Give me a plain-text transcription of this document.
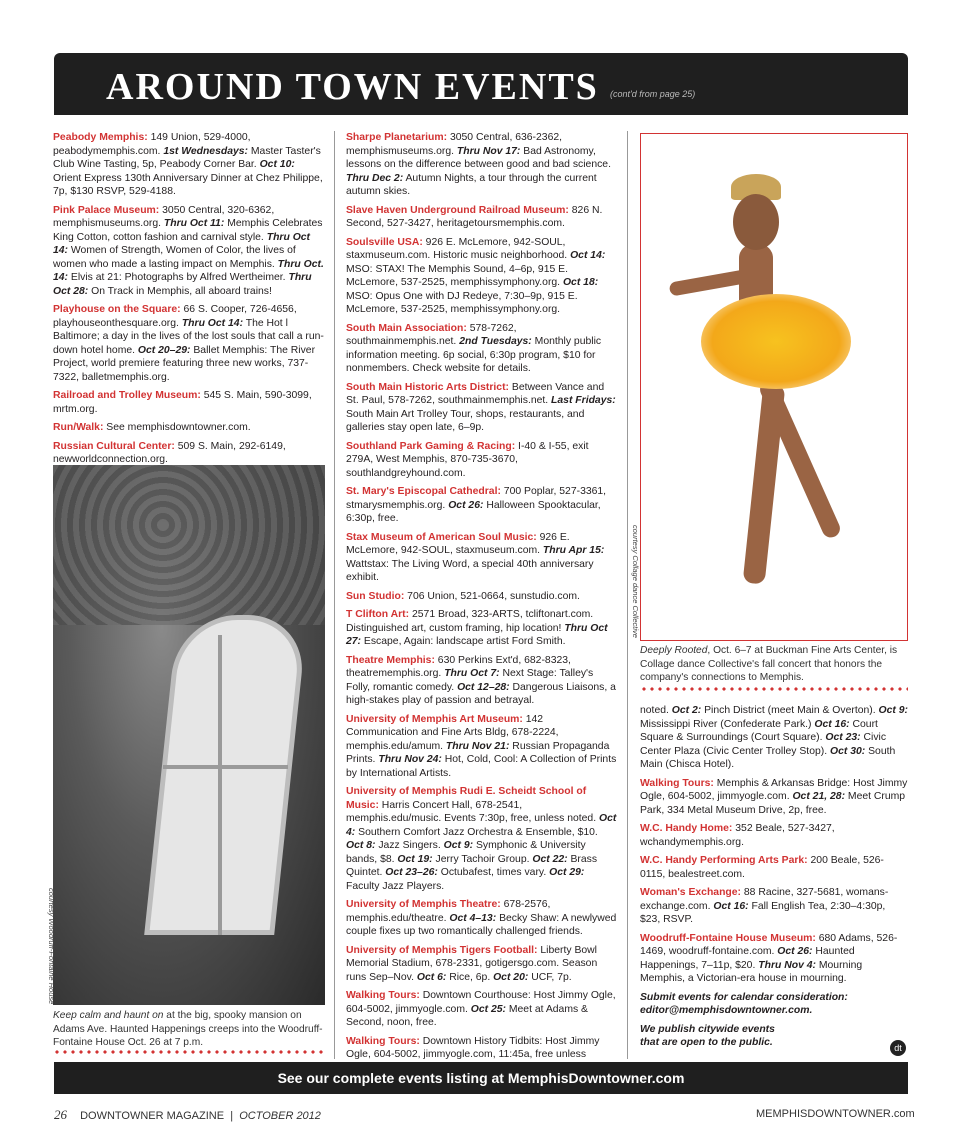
AROUND TOWN EVENTS (cont'd from page 25)
Peabody Memphis: 149 Union, 529-4000, peabodymemphis.com. 1st Wednesdays: Master Taster's Club Wine Tasting, 5p, Peabody Corner Bar. Oct 10: Orient Express 130th Anniversary Dinner at Chez Philippe, 7p, $130 RSVP, 529-4188.
Pink Palace Museum: 3050 Central, 320-6362, memphismuseums.org. Thru Oct 11: Memphis Celebrates King Cotton, cotton fashion and carnival style. Thru Oct 14: Women of Strength, Women of Color, the lives of women who made a lasting impact on Memphis. Thru Oct. 14: Elvis at 21: Photographs by Alfred Wertheimer. Thru Oct 28: On Track in Memphis, all aboard trains!
Playhouse on the Square: 66 S. Cooper, 726-4656, playhouseonthesquare.org. Thru Oct 14: The Hot l Baltimore; a day in the lives of the lost souls that call a run-down hotel home. Oct 20–29: Ballet Memphis: The River Project, world premiere featuring three new works, 737-7322, balletmemphis.org.
Railroad and Trolley Museum: 545 S. Main, 590-3099, mrtm.org.
Run/Walk: See memphisdowntowner.com.
Russian Cultural Center: 509 S. Main, 292-6149, newworldconnection.org.
Sharpe Planetarium: 3050 Central, 636-2362, memphismuseums.org. Thru Nov 17: Bad Astronomy, lessons on the difference between good and bad science. Thru Dec 2: Autumn Nights, a tour through the current autumn skies.
Slave Haven Underground Railroad Museum: 826 N. Second, 527-3427, heritagetoursmemphis.com.
Soulsville USA: 926 E. McLemore, 942-SOUL, staxmuseum.com. Historic music neighborhood. Oct 14: MSO: STAX! The Memphis Sound, 4–6p, 915 E. McLemore, 537-2525, memphissymphony.org. Oct 18: MSO: Opus One with DJ Redeye, 7:30–9p, 915 E. McLemore, 537-2525, memphissymphony.org.
South Main Association: 578-7262, southmainmemphis.net. 2nd Tuesdays: Monthly public information meeting. 6p social, 6:30p program, $10 for nonmembers. Check website for details.
South Main Historic Arts District: Between Vance and St. Paul, 578-7262, southmainmemphis.net. Last Fridays: South Main Art Trolley Tour, shops, restaurants, and galleries stay open late, 6–9p.
Southland Park Gaming & Racing: I-40 & I-55, exit 279A, West Memphis, 870-735-3670, southlandgreyhound.com.
St. Mary's Episcopal Cathedral: 700 Poplar, 527-3361, stmarysmemphis.org. Oct 26: Halloween Spooktacular, 6:30p, free.
Stax Museum of American Soul Music: 926 E. McLemore, 942-SOUL, staxmuseum.com. Thru Apr 15: Wattstax: The Living Word, a special 40th anniversary exhibit.
Sun Studio: 706 Union, 521-0664, sunstudio.com.
T Clifton Art: 2571 Broad, 323-ARTS, tcliftonart.com. Distinguished art, custom framing, hip location! Thru Oct 27: Escape, Again: landscape artist Ford Smith.
Theatre Memphis: 630 Perkins Ext'd, 682-8323, theatrememphis.org. Thru Oct 7: Next Stage: Talley's Folly, romantic comedy. Oct 12–28: Dangerous Liaisons, a high-stakes play of passion and betrayal.
University of Memphis Art Museum: 142 Communication and Fine Arts Bldg, 678-2224, memphis.edu/amum. Thru Nov 21: Russian Propaganda Prints. Thru Nov 24: Hot, Cold, Cool: A Collection of Prints by International Artists.
University of Memphis Rudi E. Scheidt School of Music: Harris Concert Hall, 678-2541, memphis.edu/music. Events 7:30p, free, unless noted. Oct 4: Southern Comfort Jazz Orchestra & Ensemble, $10. Oct 8: Jazz Singers. Oct 9: Symphonic & University bands, $8. Oct 19: Jerry Tachoir Group. Oct 22: Brass Quintet. Oct 23–26: Octubafest, times vary. Oct 29: Faculty Jazz Players.
University of Memphis Theatre: 678-2576, memphis.edu/theatre. Oct 4–13: Becky Shaw: A newlywed couple fixes up two romantically challenged friends.
University of Memphis Tigers Football: Liberty Bowl Memorial Stadium, 678-2331, gotigersgo.com. Season runs Sep–Nov. Oct 6: Rice, 6p. Oct 20: UCF, 7p.
Walking Tours: Downtown Courthouse: Host Jimmy Ogle, 604-5002, jimmyogle.com. Oct 25: Meet at Adams & Second, noon, free.
Walking Tours: Downtown History Tidbits: Host Jimmy Ogle, 604-5002, jimmyogle.com, 11:45a, free unless
noted. Oct 2: Pinch District (meet Main & Overton). Oct 9: Mississippi River (Confederate Park.) Oct 16: Court Square & Surroundings (Court Square). Oct 23: Civic Center Plaza (Civic Center Trolley Stop). Oct 30: South Main (Chisca Hotel).
Walking Tours: Memphis & Arkansas Bridge: Host Jimmy Ogle, 604-5002, jimmyogle.com. Oct 21, 28: Meet Crump Park, 334 Metal Museum Drive, 2p, free.
W.C. Handy Home: 352 Beale, 527-3427, wchandymemphis.org.
W.C. Handy Performing Arts Park: 200 Beale, 526-0115, bealestreet.com.
Woman's Exchange: 88 Racine, 327-5681, womans-exchange.com. Oct 16: Fall English Tea, 2:30–4:30p, $23, RSVP.
Woodruff-Fontaine House Museum: 680 Adams, 526-1469, woodruff-fontaine.com. Oct 26: Haunted Happenings, 7–11p, $20. Thru Nov 4: Mourning Memphis, a Victorian-era house in mourning.
Submit events for calendar consideration:
editor@memphisdowntowner.com.
We publish citywide events
that are open to the public.
courtesy Woodruff-Fontaine House
Keep calm and haunt on at the big, spooky mansion on Adams Ave. Haunted Happenings creeps into the Woodruff-Fontaine House Oct. 26 at 7 p.m.
courtesy Collage dance Collective
Deeply Rooted, Oct. 6–7 at Buckman Fine Arts Center, is Collage dance Collective's fall concert that honors the company's connections to Memphis.
dt
See our complete events listing at MemphisDowntowner.com
26 DOWNTOWNER MAGAZINE | OCTOBER 2012	MEMPHISDOWNTOWNER.com
